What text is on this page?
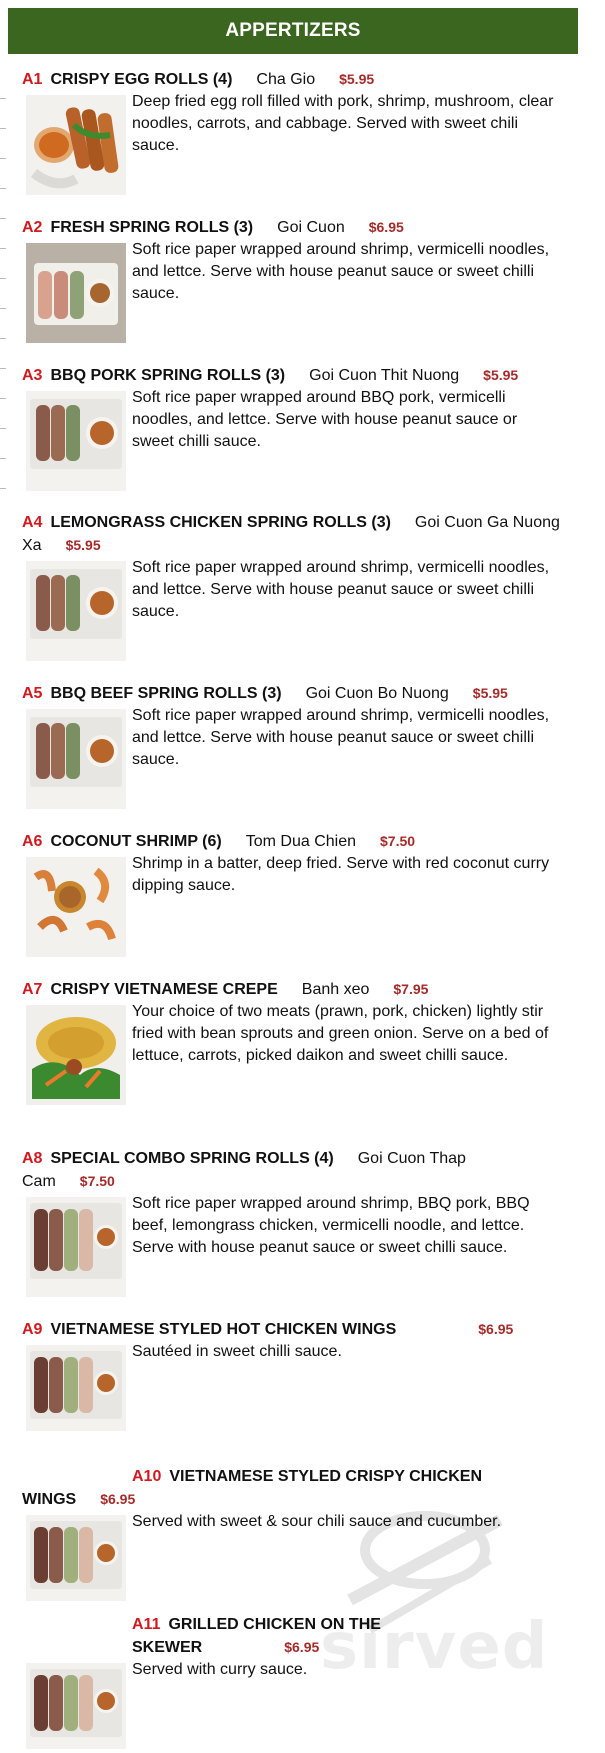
APPERTIZERS
A1 CRISPY EGG ROLLS (4) Cha Gio $5.95
Deep fried egg roll filled with pork, shrimp, mushroom, clear noodles, carrots, and cabbage. Served with sweet chili sauce.
A2 FRESH SPRING ROLLS (3) Goi Cuon $6.95
Soft rice paper wrapped around shrimp, vermicelli noodles, and lettce. Serve with house peanut sauce or sweet chilli sauce.
A3 BBQ PORK SPRING ROLLS (3) Goi Cuon Thit Nuong $5.95
Soft rice paper wrapped around BBQ pork, vermicelli noodles, and lettce. Serve with house peanut sauce or sweet chilli sauce.
A4 LEMONGRASS CHICKEN SPRING ROLLS (3) Goi Cuon Ga Nuong Xa $5.95
Soft rice paper wrapped around shrimp, vermicelli noodles, and lettce. Serve with house peanut sauce or sweet chilli sauce.
A5 BBQ BEEF SPRING ROLLS (3) Goi Cuon Bo Nuong $5.95
Soft rice paper wrapped around shrimp, vermicelli noodles, and lettce. Serve with house peanut sauce or sweet chilli sauce.
A6 COCONUT SHRIMP (6) Tom Dua Chien $7.50
Shrimp in a batter, deep fried. Serve with red coconut curry dipping sauce.
A7 CRISPY VIETNAMESE CREPE Banh xeo $7.95
Your choice of two meats (prawn, pork, chicken) lightly stir fried with bean sprouts and green onion. Serve on a bed of lettuce, carrots, picked daikon and sweet chilli sauce.
A8 SPECIAL COMBO SPRING ROLLS (4) Goi Cuon Thap Cam $7.50
Soft rice paper wrapped around shrimp, BBQ pork, BBQ beef, lemongrass chicken, vermicelli noodle, and lettce. Serve with house peanut sauce or sweet chilli sauce.
A9 VIETNAMESE STYLED HOT CHICKEN WINGS	$6.95
Sautéed in sweet chilli sauce.
A10 VIETNAMESE STYLED CRISPY CHICKEN WINGS $6.95
Served with sweet & sour chili sauce and cucumber.
A11 GRILLED CHICKEN ON THE SKEWER	$6.95
Served with curry sauce. sirved
